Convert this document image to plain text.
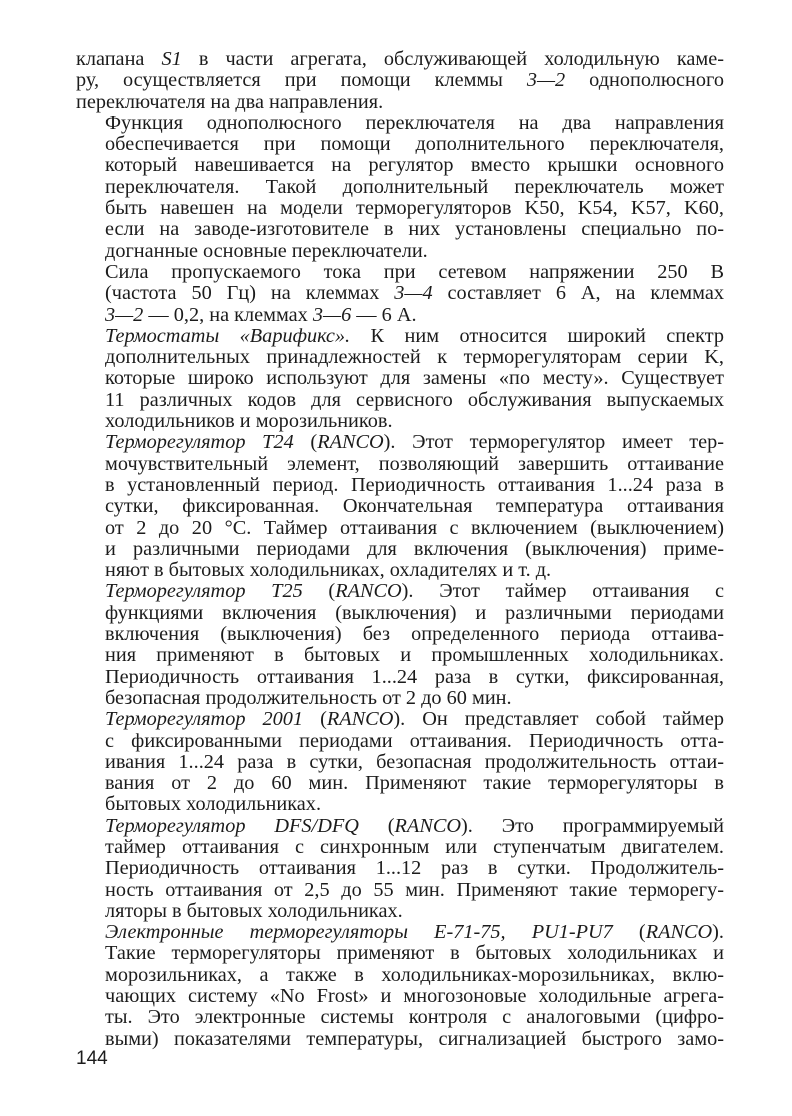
клапана S1 в части агрегата, обслуживающей холодильную каме-
ру, осуществляется при помощи клеммы 3—2 однополюсного
переключателя на два направления.

Функция однополюсного переключателя на два направления
обеспечивается при помощи дополнительного переключателя,
который навешивается на регулятор вместо крышки основного
переключателя. Такой дополнительный переключатель может
быть навешен на модели терморегуляторов K50, K54, K57, K60,
если на заводе-изготовителе в них установлены специально по-
догнанные основные переключатели.

Сила пропускаемого тока при сетевом напряжении 250 В
(частота 50 Гц) на клеммах 3—4 составляет 6 А, на клеммах
3—2 — 0,2, на клеммах 3—6 — 6 А.

Термостаты «Варификс». К ним относится широкий спектр
дополнительных принадлежностей к терморегуляторам серии K,
которые широко используют для замены «по месту». Существует
11 различных кодов для сервисного обслуживания выпускаемых
холодильников и морозильников.

Терморегулятор T24 (RANCO). Этот терморегулятор имеет тер-
мочувствительный элемент, позволяющий завершить оттаивание
в установленный период. Периодичность оттаивания 1...24 раза в
сутки, фиксированная. Окончательная температура оттаивания
от 2 до 20 °С. Таймер оттаивания с включением (выключением)
и различными периодами для включения (выключения) приме-
няют в бытовых холодильниках, охладителях и т. д.

Терморегулятор T25 (RANCO). Этот таймер оттаивания с
функциями включения (выключения) и различными периодами
включения (выключения) без определенного периода оттаива-
ния применяют в бытовых и промышленных холодильниках.
Периодичность оттаивания 1...24 раза в сутки, фиксированная,
безопасная продолжительность от 2 до 60 мин.

Терморегулятор 2001 (RANCO). Он представляет собой таймер
с фиксированными периодами оттаивания. Периодичность отта-
ивания 1...24 раза в сутки, безопасная продолжительность оттаи-
вания от 2 до 60 мин. Применяют такие терморегуляторы в
бытовых холодильниках.

Терморегулятор DFS/DFQ (RANCO). Это программируемый
таймер оттаивания с синхронным или ступенчатым двигателем.
Периодичность оттаивания 1...12 раз в сутки. Продолжитель-
ность оттаивания от 2,5 до 55 мин. Применяют такие терморегу-
ляторы в бытовых холодильниках.

Электронные терморегуляторы E-71-75, PU1-PU7 (RANCO).
Такие терморегуляторы применяют в бытовых холодильниках и
морозильниках, а также в холодильниках-морозильниках, вклю-
чающих систему «No Frost» и многозоновые холодильные агрега-
ты. Это электронные системы контроля с аналоговыми (цифро-
выми) показателями температуры, сигнализацией быстрого замо-

144
